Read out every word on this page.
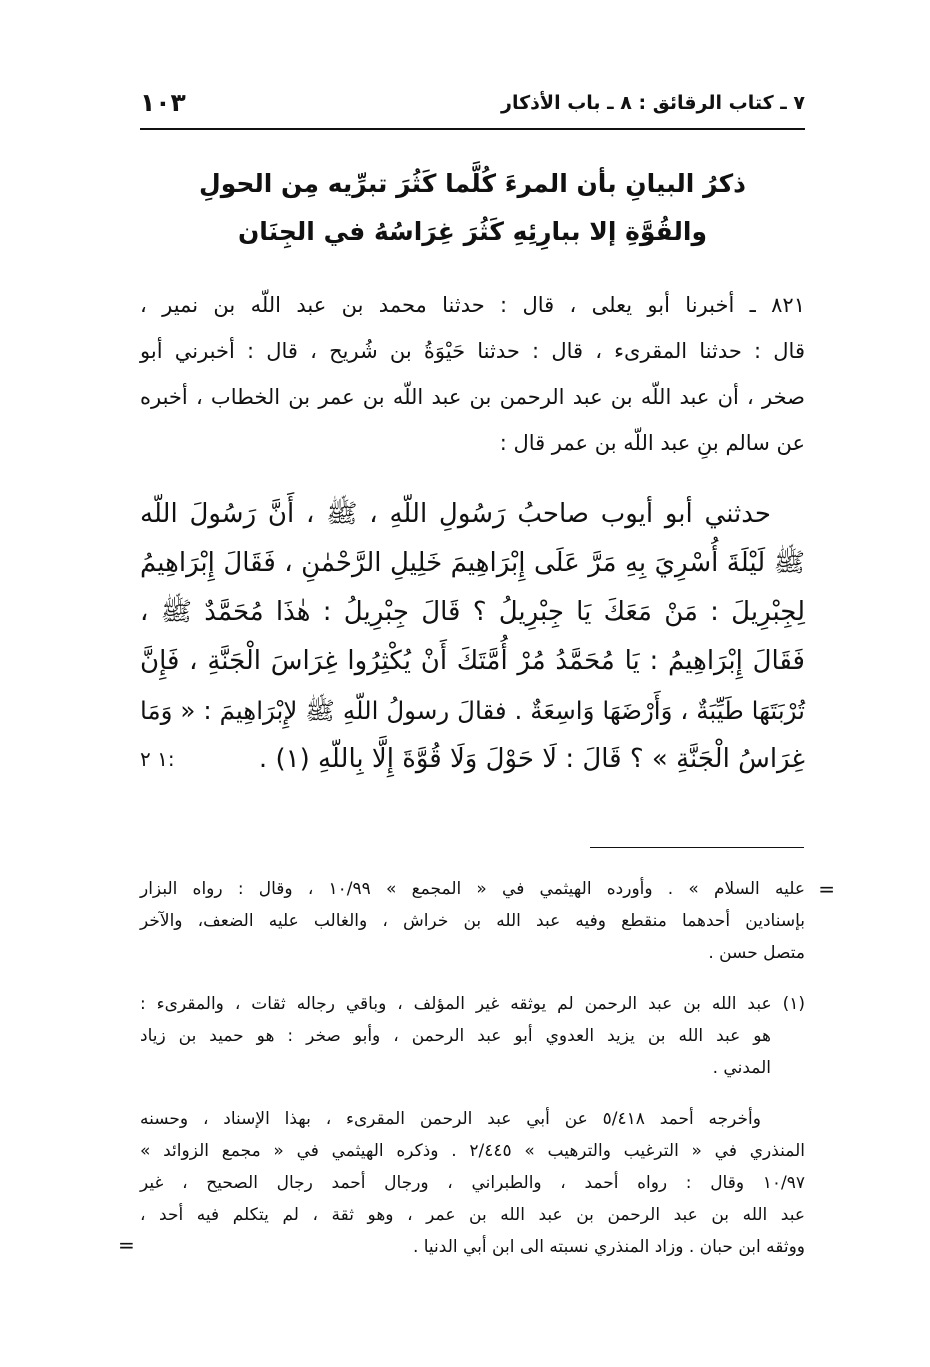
٧ ـ كتاب الرقائق : ٨ ـ باب الأذكار
١٠٣
ذكرُ البيانِ بأن المرءَ كُلَّما كَثُرَ تبرِّيه مِن الحولِ
والقُوَّةِ إلا ببارِئِهِ كَثُرَ غِرَاسُهُ في الجِنَان
٨٢١ ـ أخبرنا أبو يعلى ، قال : حدثنا محمد بن عبد اللّه بن نمير ،
قال : حدثنا المقرىء ، قال : حدثنا حَيْوَةُ بن شُريح ، قال : أخبرني أبو
صخر ، أن عبد اللّه بن عبد الرحمن بن عبد اللّه بن عمر بن الخطاب ، أخبره
عن سالم بنِ عبد اللّه بن عمر قال :
حدثني أبو أيوب صاحبُ رَسُولِ اللّهِ ، ﷺ ، أَنَّ رَسُولَ اللّه
ﷺ لَيْلَةَ أُسْرِيَ بِهِ مَرَّ عَلَى إِبْرَاهِيمَ خَلِيلِ الرَّحْمٰنِ ، فَقَالَ إِبْرَاهِيمُ
لِجِبْرِيلَ : مَنْ مَعَكَ يَا جِبْرِيلُ ؟ قَالَ جِبْرِيلُ : هٰذَا مُحَمَّدٌ ﷺ ،
فَقَالَ إِبْرَاهِيمُ : يَا مُحَمَّدُ مُرْ أُمَّتَكَ أَنْ يُكْثِرُوا غِرَاسَ الْجَنَّةِ ، فَإِنَّ
تُرْبَتَهَا طَيِّبَةٌ ، وَأَرْضَهَا وَاسِعَةٌ . فقالَ رسولُ اللّهِ ﷺ لإِبْرَاهِيمَ : « وَمَا
غِرَاسُ الْجَنَّةِ » ؟ قَالَ : لَا حَوْلَ وَلَا قُوَّةَ إِلَّا بِاللّهِ (١) .
١ ٢:
=
عليه السلام » . وأورده الهيثمي في « المجمع » ١٠/٩٩ ، وقال : رواه البزار
بإسنادين أحدهما منقطع وفيه عبد الله بن خراش ، والغالب عليه الضعف، والآخر
متصل حسن .
(١) عبد الله بن عبد الرحمن لم يوثقه غير المؤلف ، وباقي رجاله ثقات ، والمقرىء :
هو عبد الله بن يزيد العدوي أبو عبد الرحمن ، وأبو صخر : هو حميد بن زياد
المدني .
وأخرجه أحمد ٥/٤١٨ عن أبي عبد الرحمن المقرىء ، بهذا الإسناد ، وحسنه
المنذري في « الترغيب والترهيب » ٢/٤٤٥ . وذكره الهيثمي في « مجمع الزوائد »
١٠/٩٧ وقال : رواه أحمد ، والطبراني ، ورجال أحمد رجال الصحيح ، غير
عبد الله بن عبد الرحمن بن عبد الله بن عمر ، وهو ثقة ، لم يتكلم فيه أحد ،
ووثقه ابن حبان . وزاد المنذري نسبته الى ابن أبي الدنيا .
=
